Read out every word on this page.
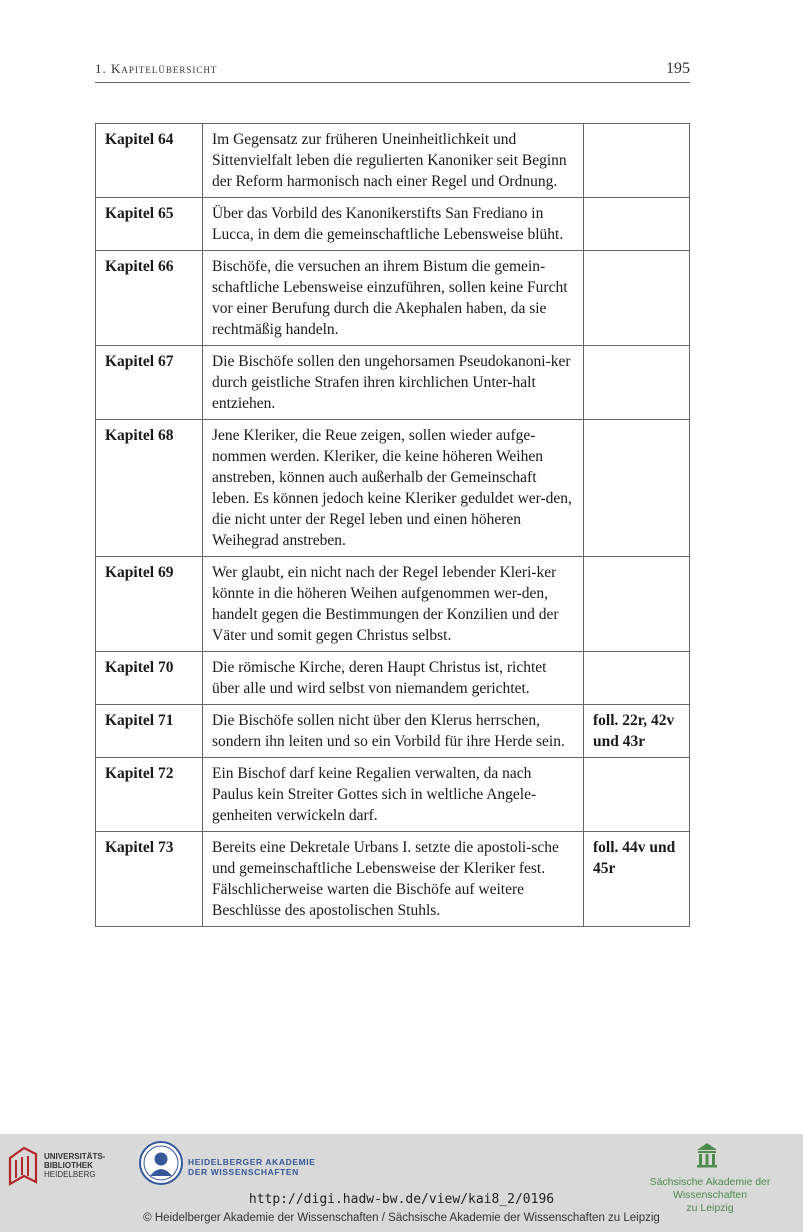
1. Kapitelübersicht	195
Kapitel 64	Im Gegensatz zur früheren Uneinheitlichkeit und Sittenvielfalt leben die regulierten Kanoniker seit Beginn der Reform harmonisch nach einer Regel und Ordnung.	
Kapitel 65	Über das Vorbild des Kanonikerstifts San Frediano in Lucca, in dem die gemeinschaftliche Lebensweise blüht.	
Kapitel 66	Bischöfe, die versuchen an ihrem Bistum die gemein-schaftliche Lebensweise einzuführen, sollen keine Furcht vor einer Berufung durch die Akephalen haben, da sie rechtmäßig handeln.	
Kapitel 67	Die Bischöfe sollen den ungehorsamen Pseudokanoni-ker durch geistliche Strafen ihren kirchlichen Unter-halt entziehen.	
Kapitel 68	Jene Kleriker, die Reue zeigen, sollen wieder aufge-nommen werden. Kleriker, die keine höheren Weihen anstreben, können auch außerhalb der Gemeinschaft leben. Es können jedoch keine Kleriker geduldet wer-den, die nicht unter der Regel leben und einen höheren Weihegrad anstreben.	
Kapitel 69	Wer glaubt, ein nicht nach der Regel lebender Kleri-ker könnte in die höheren Weihen aufgenommen wer-den, handelt gegen die Bestimmungen der Konzilien und der Väter und somit gegen Christus selbst.	
Kapitel 70	Die römische Kirche, deren Haupt Christus ist, richtet über alle und wird selbst von niemandem gerichtet.	
Kapitel 71	Die Bischöfe sollen nicht über den Klerus herrschen, sondern ihn leiten und so ein Vorbild für ihre Herde sein.	foll. 22r, 42v und 43r
Kapitel 72	Ein Bischof darf keine Regalien verwalten, da nach Paulus kein Streiter Gottes sich in weltliche Angele-genheiten verwickeln darf.	
Kapitel 73	Bereits eine Dekretale Urbans I. setzte die apostoli-sche und gemeinschaftliche Lebensweise der Kleriker fest. Fälschlicherweise warten die Bischöfe auf weitere Beschlüsse des apostolischen Stuhls.	foll. 44v und 45r
UNIVERSITÄTS-
BIBLIOTHEK
HEIDELBERG
HEIDELBERGER AKADEMIE
DER WISSENSCHAFTEN
Sächsische Akademie der Wissenschaften
zu Leipzig
http://digi.hadw-bw.de/view/kai8_2/0196
© Heidelberger Akademie der Wissenschaften / Sächsische Akademie der Wissenschaften zu Leipzig
